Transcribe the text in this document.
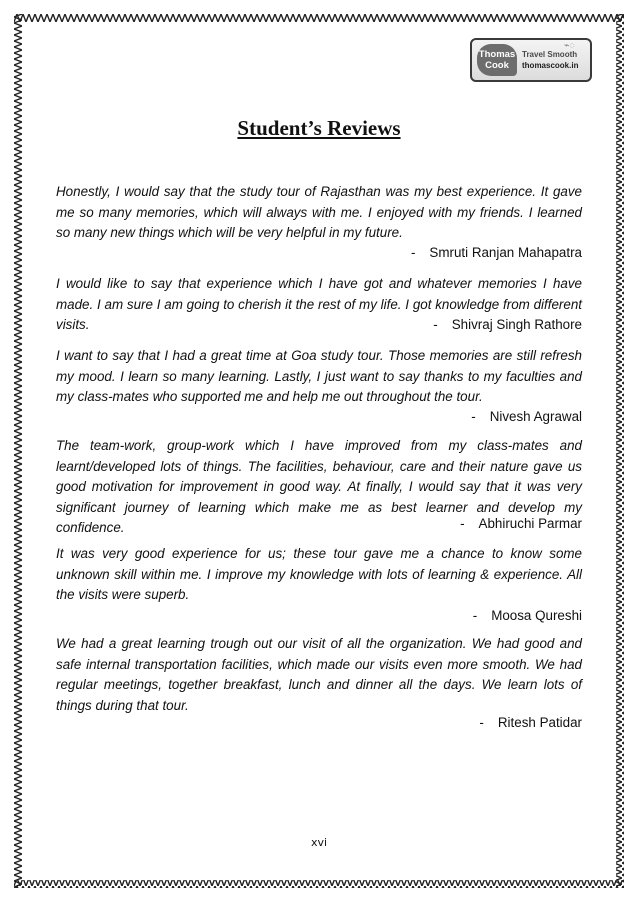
Thomas
Cook
Travel Smooth
thomascook.in
⌁◌
Student’s Reviews

Honestly, I would say that the study tour of Rajasthan was my best experience. It gave me so many memories, which will always with me. I enjoyed with my friends. I learned so many new things which will be very helpful in my future.

- Smruti Ranjan Mahapatra

I would like to say that experience which I have got and whatever memories I have made. I am sure I am going to cherish it the rest of my life. I got knowledge from different visits.	- Shivraj Singh Rathore

I want to say that I had a great time at Goa study tour. Those memories are still refresh my mood. I learn so many learning. Lastly, I just want to say thanks to my faculties and my class-mates who supported me and help me out throughout the tour.

- Nivesh Agrawal

The team-work, group-work which I have improved from my class-mates and learnt/developed lots of things. The facilities, behaviour, care and their nature gave us good motivation for improvement in good way. At finally, I would say that it was very significant journey of learning which make me as best learner and develop my confidence.	- Abhiruchi Parmar

It was very good experience for us; these tour gave me a chance to know some unknown skill within me. I improve my knowledge with lots of learning & experience. All the visits were superb.

- Moosa Qureshi

We had a great learning trough out our visit of all the organization. We had good and safe internal transportation facilities, which made our visits even more smooth. We had regular meetings, together breakfast, lunch and dinner all the days. We learn lots of things during that tour.

- Ritesh Patidar
xvi
